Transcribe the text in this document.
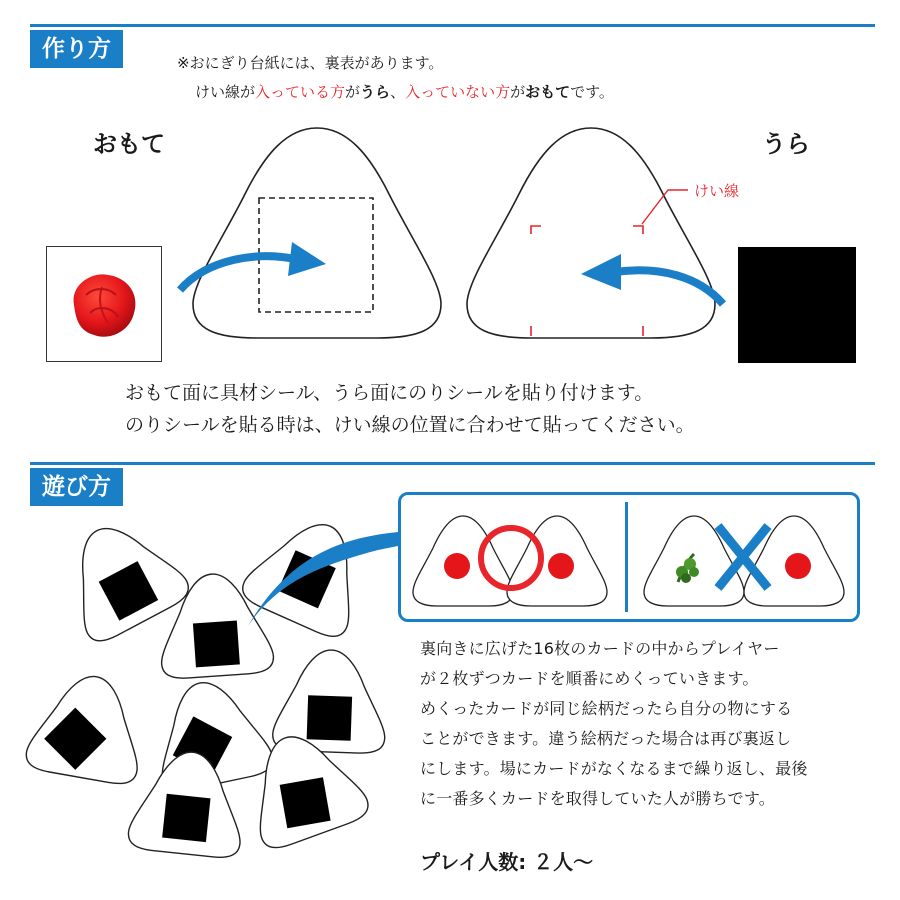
作り方
※おにぎり台紙には、裏表があります。
けい線が入っている方がうら、入っていない方がおもてです。
おもて	うら
けい線
おもて面に具材シール、うら面にのりシールを貼り付けます。
のりシールを貼る時は、けい線の位置に合わせて貼ってください。
遊び方
裏向きに広げた16枚のカードの中からプレイヤー
が２枚ずつカードを順番にめくっていきます。
めくったカードが同じ絵柄だったら自分の物にする
ことができます。違う絵柄だった場合は再び裏返し
にします。場にカードがなくなるまで繰り返し、最後
に一番多くカードを取得していた人が勝ちです。
プレイ人数: ２人〜
